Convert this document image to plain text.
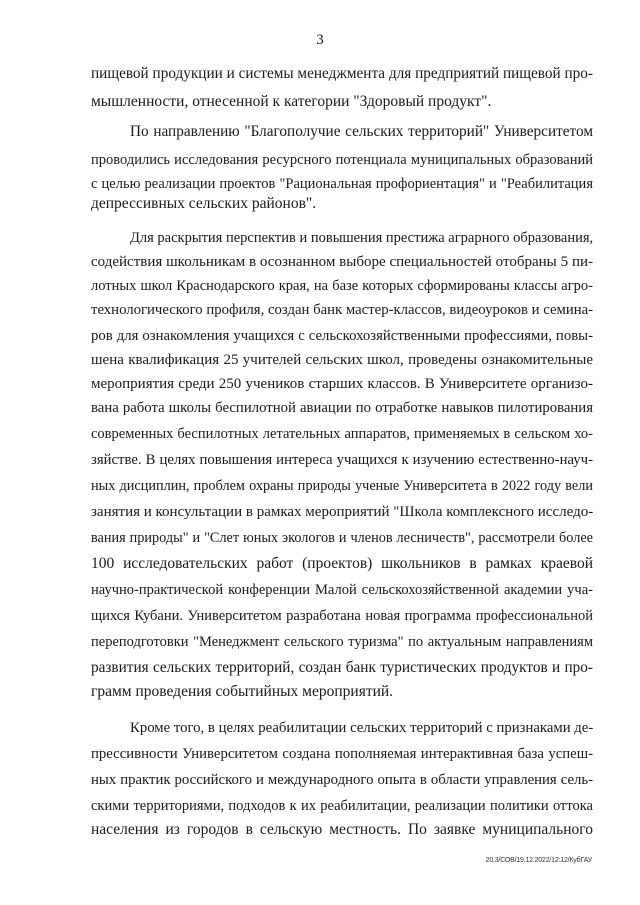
3
пищевой продукции и системы менеджмента для предприятий пищевой про-
мышленности, отнесенной к категории "Здоровый продукт".
По направлению "Благополучие сельских территорий" Университетом
проводились исследования ресурсного потенциала муниципальных образований
с целью реализации проектов "Рациональная профориентация" и "Реабилитация
депрессивных сельских районов".
Для раскрытия перспектив и повышения престижа аграрного образования,
содействия школьникам в осознанном выборе специальностей отобраны 5 пи-
лотных школ Краснодарского края, на базе которых сформированы классы агро-
технологического профиля, создан банк мастер-классов, видеоуроков и семина-
ров для ознакомления учащихся с сельскохозяйственными профессиями, повы-
шена квалификация 25 учителей сельских школ, проведены ознакомительные
мероприятия среди 250 учеников старших классов. В Университете организо-
вана работа школы беспилотной авиации по отработке навыков пилотирования
современных беспилотных летательных аппаратов, применяемых в сельском хо-
зяйстве. В целях повышения интереса учащихся к изучению естественно-науч-
ных дисциплин, проблем охраны природы ученые Университета в 2022 году вели
занятия и консультации в рамках мероприятий "Школа комплексного исследо-
вания природы" и "Слет юных экологов и членов лесничеств", рассмотрели более
100 исследовательских работ (проектов) школьников в рамках краевой
научно-практической конференции Малой сельскохозяйственной академии уча-
щихся Кубани. Университетом разработана новая программа профессиональной
переподготовки "Менеджмент сельского туризма" по актуальным направлениям
развития сельских территорий, создан банк туристических продуктов и про-
грамм проведения событийных мероприятий.
Кроме того, в целях реабилитации сельских территорий с признаками де-
прессивности Университетом создана пополняемая интерактивная база успеш-
ных практик российского и международного опыта в области управления сель-
скими территориями, подходов к их реабилитации, реализации политики оттока
населения из городов в сельскую местность. По заявке муниципального
20.3/СОВ/19.12.2022/12:12/КубГАУ
